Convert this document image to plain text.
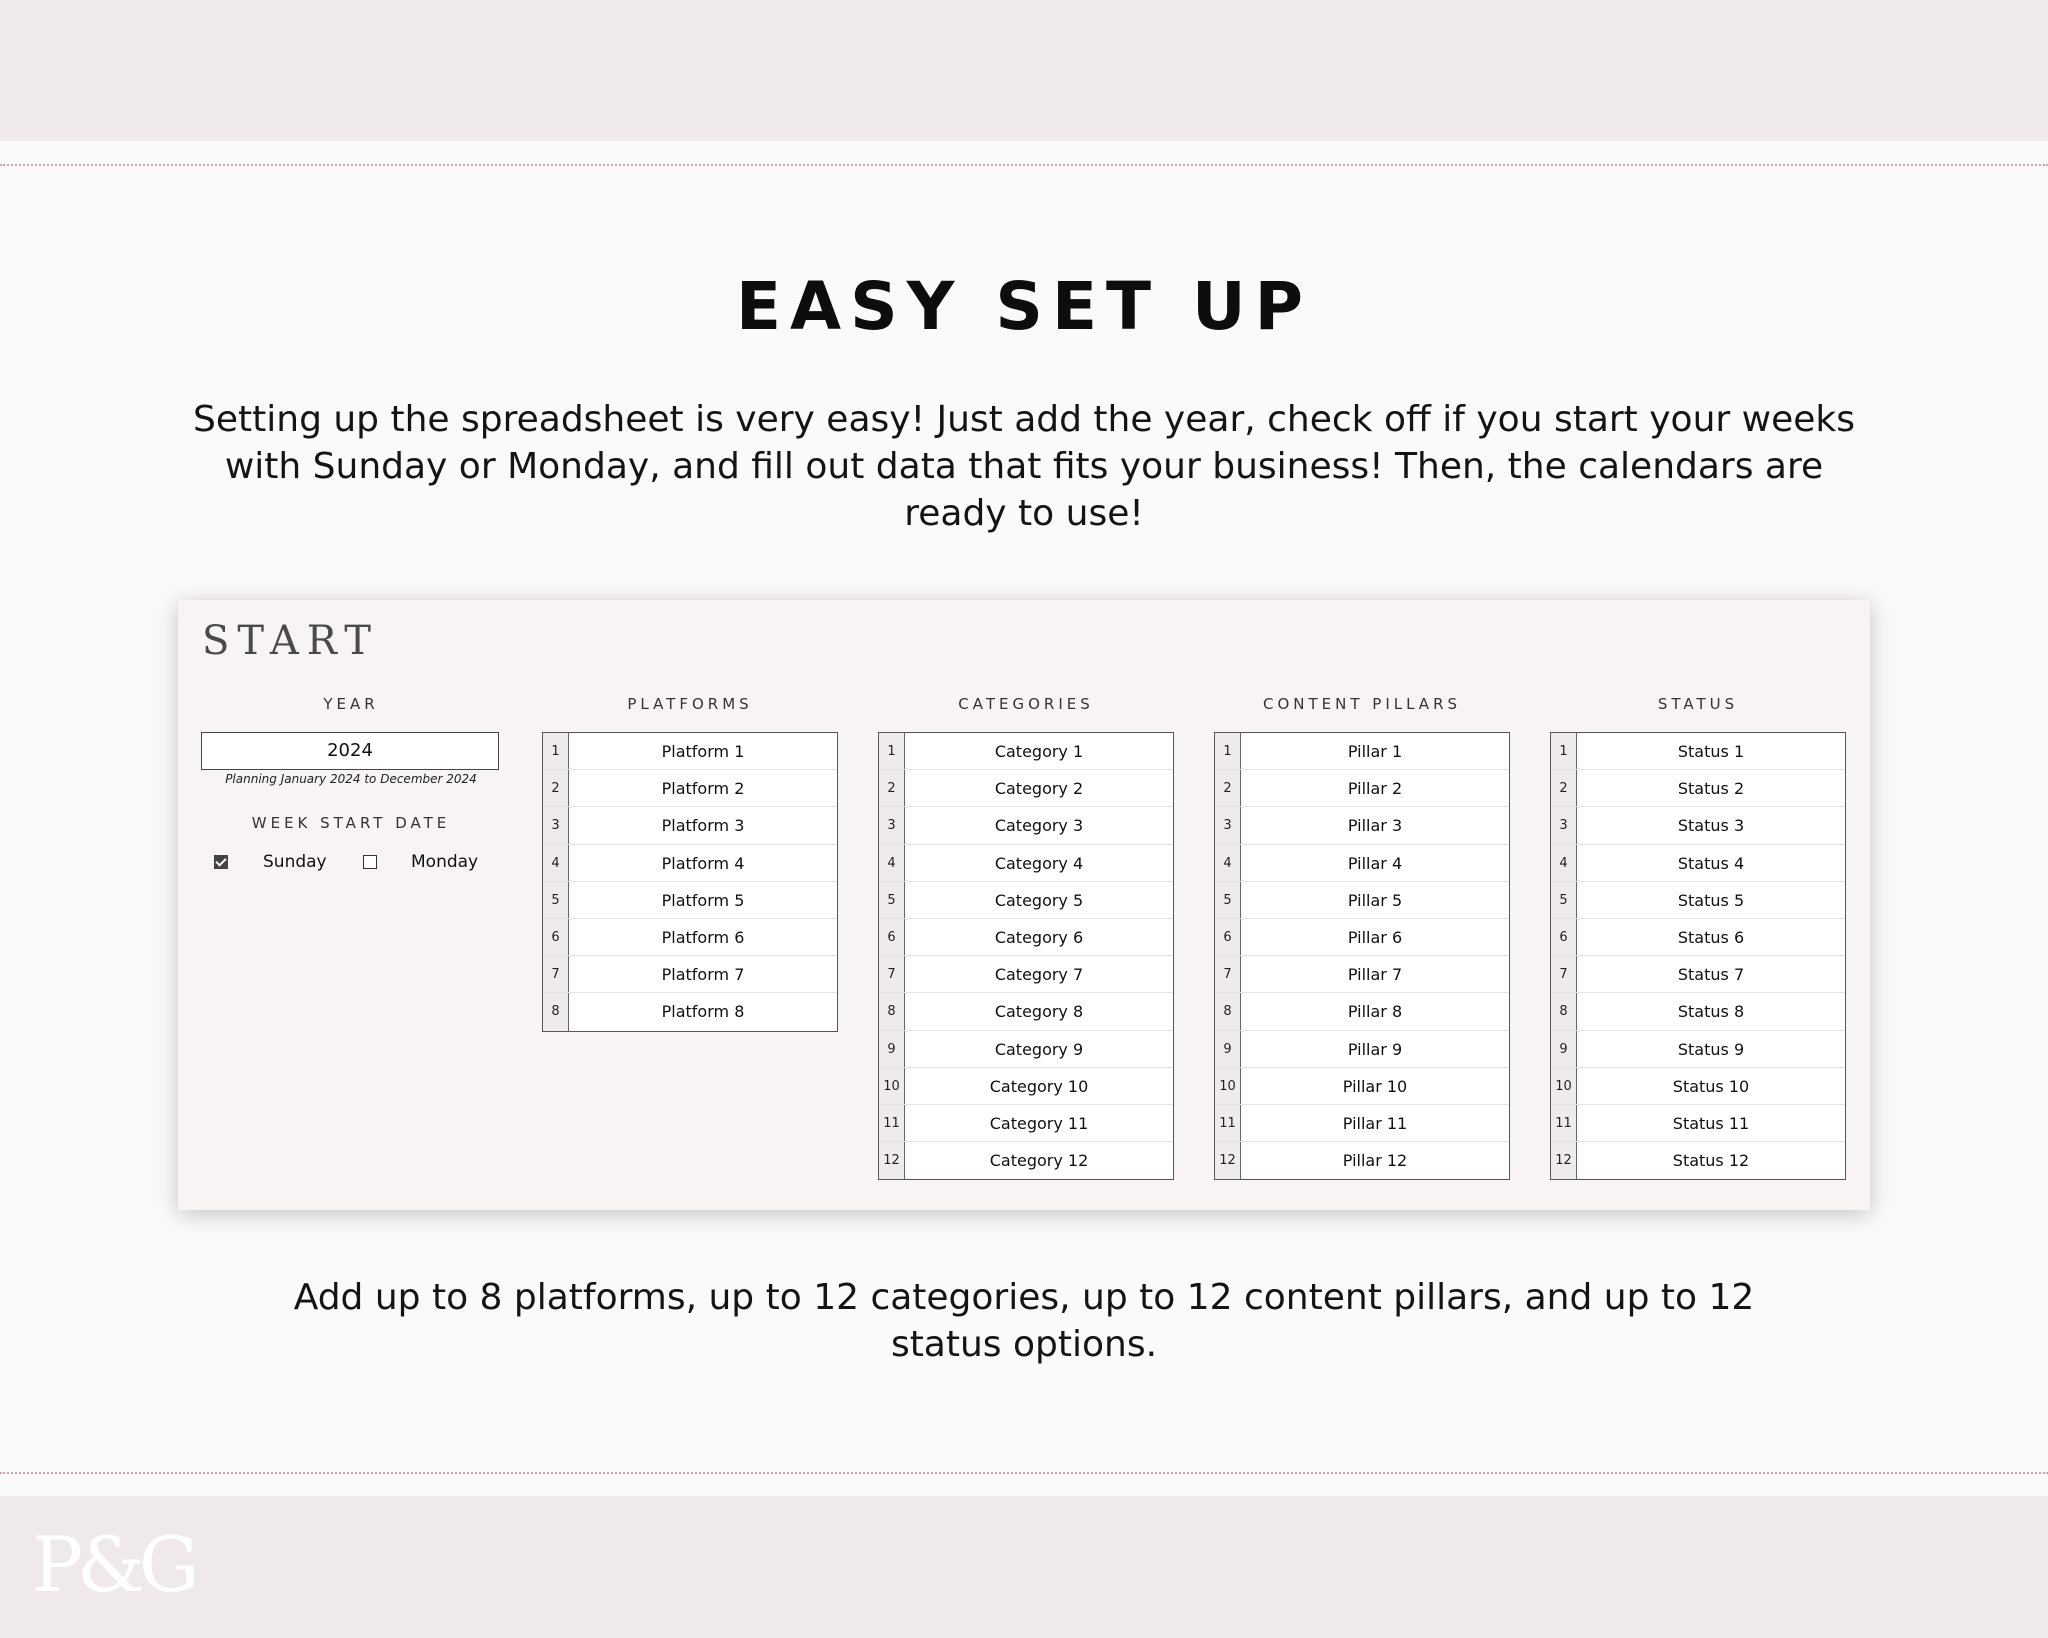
EASY SET UP

Setting up the spreadsheet is very easy! Just add the year, check off if you start your weeks with Sunday or Monday, and fill out data that fits your business! Then, the calendars are ready to use!

START
YEAR
2024
Planning January 2024 to December 2024
WEEK START DATE
Sunday	Monday
PLATFORMS
1	Platform 1
2	Platform 2
3	Platform 3
4	Platform 4
5	Platform 5
6	Platform 6
7	Platform 7
8	Platform 8
CATEGORIES
1	Category 1
2	Category 2
3	Category 3
4	Category 4
5	Category 5
6	Category 6
7	Category 7
8	Category 8
9	Category 9
10	Category 10
11	Category 11
12	Category 12
CONTENT PILLARS
1	Pillar 1
2	Pillar 2
3	Pillar 3
4	Pillar 4
5	Pillar 5
6	Pillar 6
7	Pillar 7
8	Pillar 8
9	Pillar 9
10	Pillar 10
11	Pillar 11
12	Pillar 12
STATUS
1	Status 1
2	Status 2
3	Status 3
4	Status 4
5	Status 5
6	Status 6
7	Status 7
8	Status 8
9	Status 9
10	Status 10
11	Status 11
12	Status 12

Add up to 8 platforms, up to 12 categories, up to 12 content pillars, and up to 12 status options.

P&G
